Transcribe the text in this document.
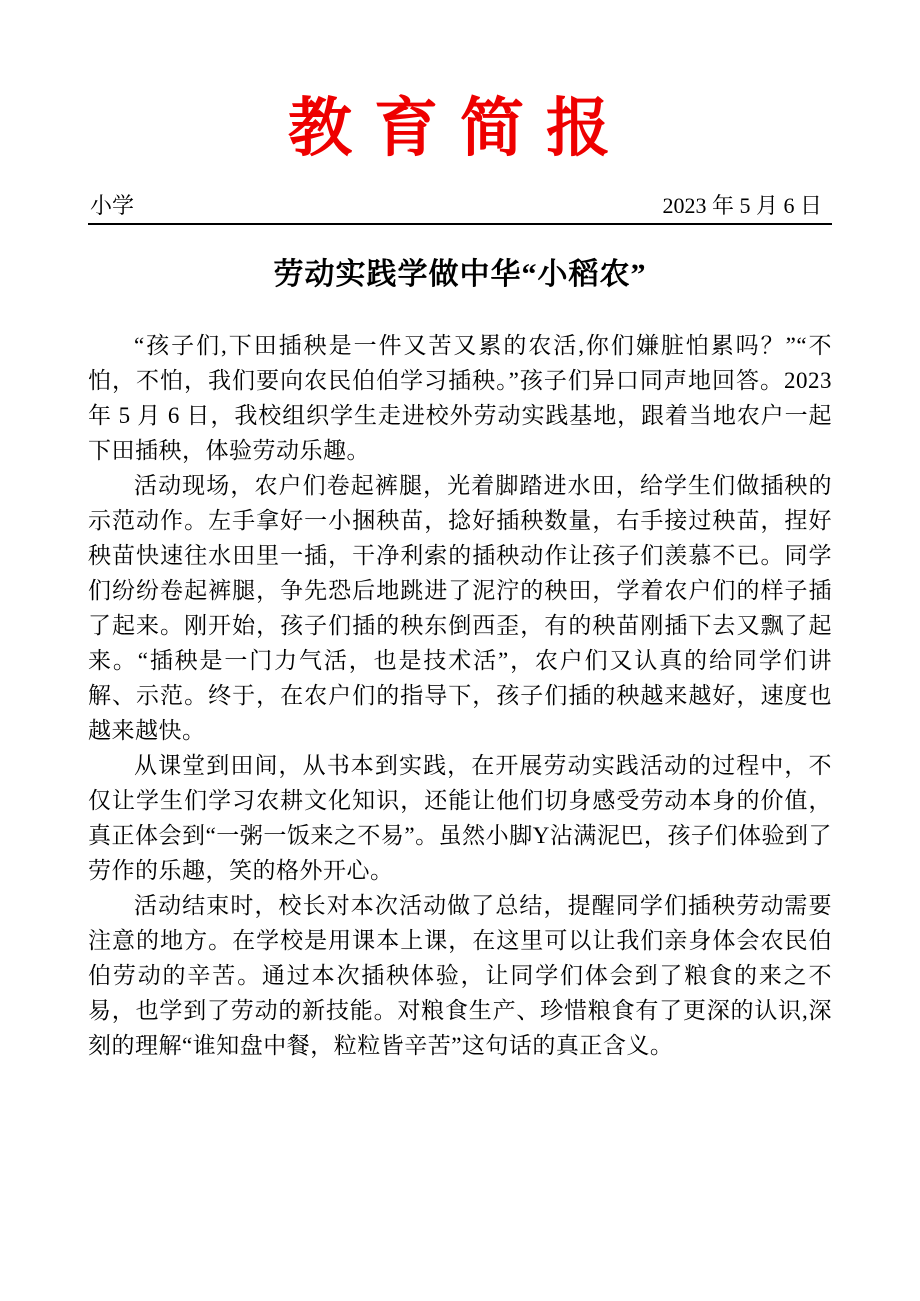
教育简报
小学	2023 年 5 月 6 日
劳动实践学做中华“小稻农”

“孩子们,下田插秧是一件又苦又累的农活,你们嫌脏怕累吗？”“不怕，不怕，我们要向农民伯伯学习插秧。”孩子们异口同声地回答。2023年 5 月 6 日，我校组织学生走进校外劳动实践基地，跟着当地农户一起下田插秧，体验劳动乐趣。

活动现场，农户们卷起裤腿，光着脚踏进水田，给学生们做插秧的示范动作。左手拿好一小捆秧苗，捻好插秧数量，右手接过秧苗，捏好秧苗快速往水田里一插，干净利索的插秧动作让孩子们羡慕不已。同学们纷纷卷起裤腿，争先恐后地跳进了泥泞的秧田，学着农户们的样子插了起来。刚开始，孩子们插的秧东倒西歪，有的秧苗刚插下去又飘了起来。“插秧是一门力气活，也是技术活”，农户们又认真的给同学们讲解、示范。终于，在农户们的指导下，孩子们插的秧越来越好，速度也越来越快。

从课堂到田间，从书本到实践，在开展劳动实践活动的过程中，不仅让学生们学习农耕文化知识，还能让他们切身感受劳动本身的价值，真正体会到“一粥一饭来之不易”。虽然小脚Y沾满泥巴，孩子们体验到了劳作的乐趣，笑的格外开心。

活动结束时，校长对本次活动做了总结，提醒同学们插秧劳动需要注意的地方。在学校是用课本上课，在这里可以让我们亲身体会农民伯伯劳动的辛苦。通过本次插秧体验，让同学们体会到了粮食的来之不易，也学到了劳动的新技能。对粮食生产、珍惜粮食有了更深的认识,深刻的理解“谁知盘中餐，粒粒皆辛苦”这句话的真正含义。
